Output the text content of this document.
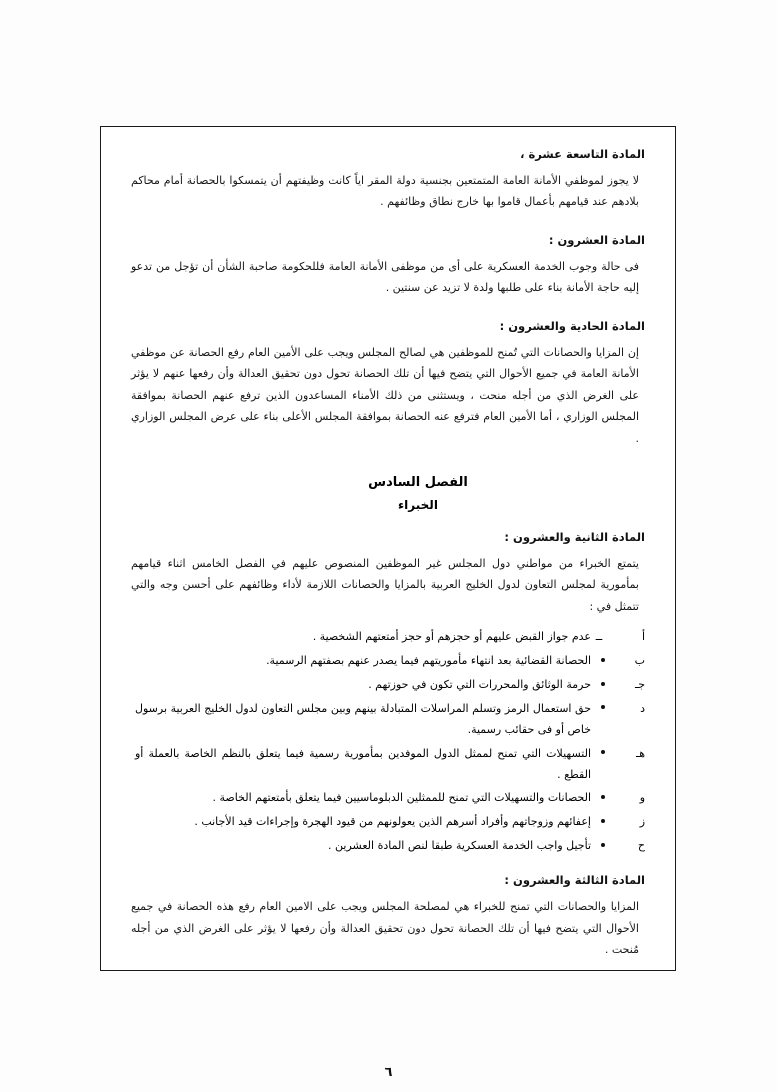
المادة التاسعة عشرة ،

لا يجوز لموظفي الأمانة العامة المتمتعين بجنسية دولة المقر اياً كانت وظيفتهم أن يتمسكوا بالحصانة أمام محاكم بلادهم عند قيامهم بأعمال قاموا بها خارج نطاق وظائفهم .

المادة العشرون :

فى حالة وجوب الخدمة العسكرية على أى من موظفى الأمانة العامة فللحكومة صاحبة الشأن أن تؤجل من تدعو إليه حاجة الأمانة بناء على طلبها ولدة لا تزيد عن سنتين .

المادة الحادية والعشرون :

إن المزايا والحصانات التي تُمنح للموظفين هي لصالح المجلس ويجب على الأمين العام رفع الحصانة عن موظفي الأمانة العامة في جميع الأحوال التي يتضح فيها أن تلك الحصانة تحول دون تحقيق العدالة وأن رفعها عنهم لا يؤثر على الغرض الذي من أجله منحت ، ويستثنى من ذلك الأمناء المساعدون الذين ترفع عنهم الحصانة بموافقة المجلس الوزاري ، أما الأمين العام فترفع عنه الحصانة بموافقة المجلس الأعلى بناء على عرض المجلس الوزاري .

الفصل السادس
الخبراء
المادة الثانية والعشرون :

يتمتع الخبراء من مواطني دول المجلس غير الموظفين المنصوص عليهم في الفصل الخامس اثناء قيامهم بمأمورية لمجلس التعاون لدول الخليج العربية بالمزايا والحصانات اللازمة لأداء وظائفهم على أحسن وجه والتي تتمثل في :

أ
ــ
عدم جواز القبض عليهم أو حجزهم أو حجز أمتعتهم الشخصية .
ب
الحصانة القضائية بعد انتهاء مأموريتهم فيما يصدر عنهم بصفتهم الرسمية.
جـ
حرمة الوثائق والمحررات التي تكون في حوزتهم .
د
حق استعمال الرمز وتسلم المراسلات المتبادلة بينهم وبين مجلس التعاون لدول الخليج العربية برسول خاص أو فى حقائب رسمية.
هـ
التسهيلات التي تمنح لممثل الدول الموفدين بمأمورية رسمية فيما يتعلق بالنظم الخاصة بالعملة أو القطع .
و
الحصانات والتسهيلات التي تمنح للممثلين الدبلوماسيين فيما يتعلق بأمتعتهم الخاصة .
ز
إعفائهم وزوجاتهم وأفراد أسرهم الذين يعولونهم من قيود الهجرة وإجراءات قيد الأجانب .
ح
تأجيل واجب الخدمة العسكرية طبقا لنص المادة العشرين .
المادة الثالثة والعشرون :

المزايا والحصانات التي تمنح للخبراء هي لمصلحة المجلس ويجب على الامين العام رفع هذه الحصانة في جميع الأحوال التي يتضح فيها أن تلك الحصانة تحول دون تحقيق العدالة وأن رفعها لا يؤثر على الغرض الذي من أجله مُنحت .

٦
